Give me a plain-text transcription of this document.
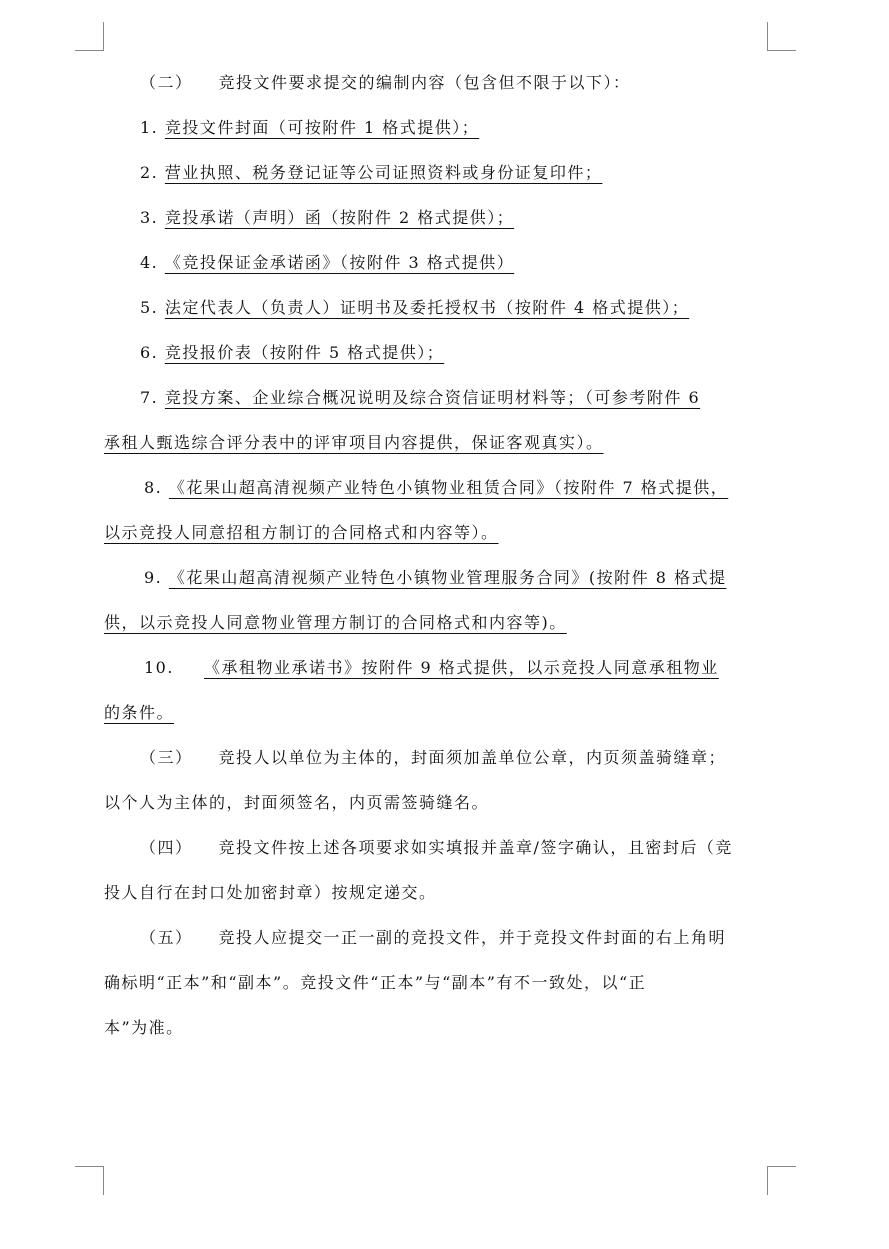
（二） 竞投文件要求提交的编制内容（包含但不限于以下）：
1. 竞投文件封面（可按附件 1 格式提供）；
2. 营业执照、税务登记证等公司证照资料或身份证复印件；
3. 竞投承诺（声明）函（按附件 2 格式提供）；
4. 《竞投保证金承诺函》（按附件 3 格式提供）
5. 法定代表人（负责人）证明书及委托授权书（按附件 4 格式提供）；
6. 竞投报价表（按附件 5 格式提供）；
7. 竞投方案、企业综合概况说明及综合资信证明材料等；（可参考附件 6
承租人甄选综合评分表中的评审项目内容提供，保证客观真实）。
8. 《花果山超高清视频产业特色小镇物业租赁合同》（按附件 7 格式提供，
以示竞投人同意招租方制订的合同格式和内容等）。
9. 《花果山超高清视频产业特色小镇物业管理服务合同》(按附件 8 格式提
供，以示竞投人同意物业管理方制订的合同格式和内容等)。
10. 《承租物业承诺书》按附件 9 格式提供，以示竞投人同意承租物业
的条件。
（三） 竞投人以单位为主体的，封面须加盖单位公章，内页须盖骑缝章；
以个人为主体的，封面须签名，内页需签骑缝名。
（四） 竞投文件按上述各项要求如实填报并盖章/签字确认，且密封后（竞
投人自行在封口处加密封章）按规定递交。
（五） 竞投人应提交一正一副的竞投文件，并于竞投文件封面的右上角明
确标明“正本”和“副本”。竞投文件“正本”与“副本”有不一致处，以“正
本”为准。
